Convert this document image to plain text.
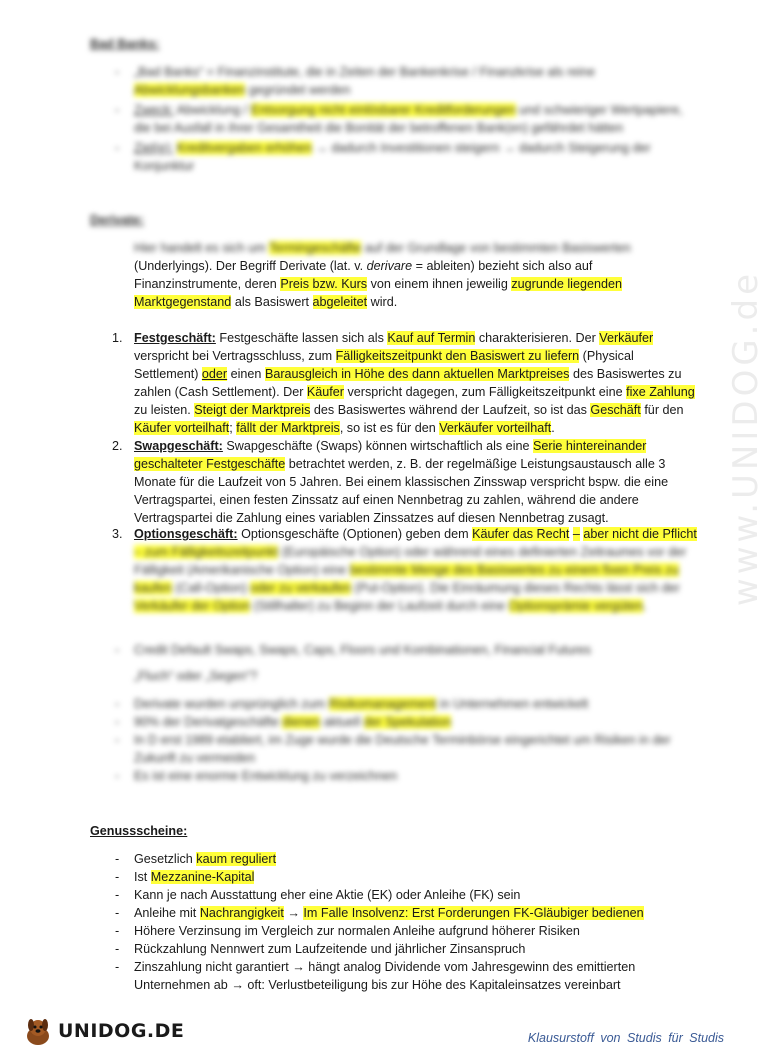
www.UNIDOG.de
Bad Banks:
- „Bad Banks“ = Finanzinstitute, die in Zeiten der Bankenkrise / Finanzkrise als reine
Abwicklungsbanken gegründet werden
- Zweck: Abwicklung / Entsorgung nicht einlösbarer Kreditforderungen und schwieriger Wertpapiere,
die bei Ausfall in ihrer Gesamtheit die Bonität der betroffenen Bank(en) gefährdet hätten
- Ziel(e): Kreditvergaben erhöhen → dadurch Investitionen steigern → dadurch Steigerung der
Konjunktur
Derivate:
Hier handelt es sich um Termingeschäfte auf der Grundlage von bestimmten Basiswerten
(Underlyings). Der Begriff Derivate (lat. v. derivare = ableiten) bezieht sich also auf
Finanzinstrumente, deren Preis bzw. Kurs von einem ihnen jeweilig zugrunde liegenden
Marktgegenstand als Basiswert abgeleitet wird.
1. Festgeschäft: Festgeschäfte lassen sich als Kauf auf Termin charakterisieren. Der Verkäufer
verspricht bei Vertragsschluss, zum Fälligkeitszeitpunkt den Basiswert zu liefern (Physical
Settlement) oder einen Barausgleich in Höhe des dann aktuellen Marktpreises des Basiswertes zu
zahlen (Cash Settlement). Der Käufer verspricht dagegen, zum Fälligkeitszeitpunkt eine fixe Zahlung
zu leisten. Steigt der Marktpreis des Basiswertes während der Laufzeit, so ist das Geschäft für den
Käufer vorteilhaft; fällt der Marktpreis, so ist es für den Verkäufer vorteilhaft.
2. Swapgeschäft: Swapgeschäfte (Swaps) können wirtschaftlich als eine Serie hintereinander
geschalteter Festgeschäfte betrachtet werden, z. B. der regelmäßige Leistungsaustausch alle 3
Monate für die Laufzeit von 5 Jahren. Bei einem klassischen Zinsswap verspricht bspw. die eine
Vertragspartei, einen festen Zinssatz auf einen Nennbetrag zu zahlen, während die andere
Vertragspartei die Zahlung eines variablen Zinssatzes auf diesen Nennbetrag zusagt.
3. Optionsgeschäft: Optionsgeschäfte (Optionen) geben dem Käufer das Recht – aber nicht die Pflicht
– zum Fälligkeitszeitpunkt (Europäische Option) oder während eines definierten Zeitraumes vor der
Fälligkeit (Amerikanische Option) eine bestimmte Menge des Basiswertes zu einem fixen Preis zu
kaufen (Call-Option) oder zu verkaufen (Put-Option). Die Einräumung dieses Rechts lässt sich der
Verkäufer der Option (Stillhalter) zu Beginn der Laufzeit durch eine Optionsprämie vergüten.
- Credit Default Swaps, Swaps, Caps, Floors und Kombinationen, Financial Futures
„Fluch“ oder „Segen“?
- Derivate wurden ursprünglich zum Risikomanagement in Unternehmen entwickelt
- 90% der Derivatgeschäfte dienen aktuell der Spekulation
- In D erst 1989 etabliert, im Zuge wurde die Deutsche Terminbörse eingerichtet um Risiken in der
Zukunft zu vermeiden
- Es ist eine enorme Entwicklung zu verzeichnen
Genussscheine:
- Gesetzlich kaum reguliert
- Ist Mezzanine-Kapital
- Kann je nach Ausstattung eher eine Aktie (EK) oder Anleihe (FK) sein
- Anleihe mit Nachrangigkeit → Im Falle Insolvenz: Erst Forderungen FK-Gläubiger bedienen
- Höhere Verzinsung im Vergleich zur normalen Anleihe aufgrund höherer Risiken
- Rückzahlung Nennwert zum Laufzeitende und jährlicher Zinsanspruch
- Zinszahlung nicht garantiert → hängt analog Dividende vom Jahresgewinn des emittierten
Unternehmen ab → oft: Verlustbeteiligung bis zur Höhe des Kapitaleinsatzes vereinbart
UNIDOG.DE	Klausurstoff von Studis für Studis
